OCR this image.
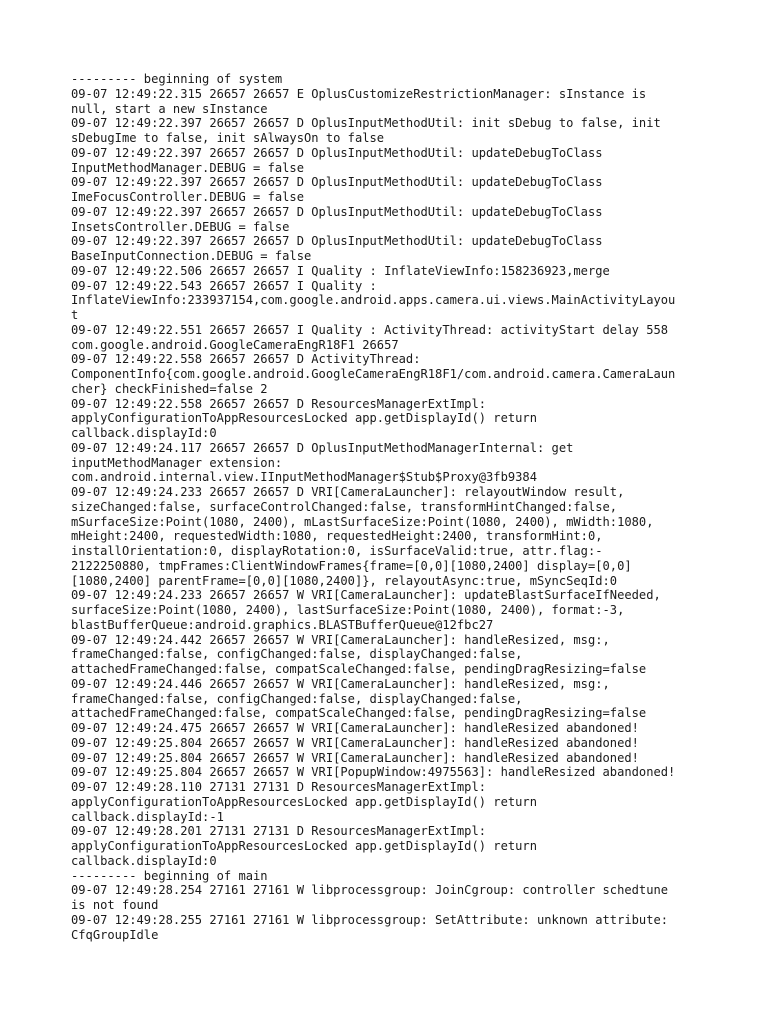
--------- beginning of system
09-07 12:49:22.315 26657 26657 E OplusCustomizeRestrictionManager: sInstance is
null, start a new sInstance
09-07 12:49:22.397 26657 26657 D OplusInputMethodUtil: init sDebug to false, init
sDebugIme to false, init sAlwaysOn to false
09-07 12:49:22.397 26657 26657 D OplusInputMethodUtil: updateDebugToClass
InputMethodManager.DEBUG = false
09-07 12:49:22.397 26657 26657 D OplusInputMethodUtil: updateDebugToClass
ImeFocusController.DEBUG = false
09-07 12:49:22.397 26657 26657 D OplusInputMethodUtil: updateDebugToClass
InsetsController.DEBUG = false
09-07 12:49:22.397 26657 26657 D OplusInputMethodUtil: updateDebugToClass
BaseInputConnection.DEBUG = false
09-07 12:49:22.506 26657 26657 I Quality : InflateViewInfo:158236923,merge
09-07 12:49:22.543 26657 26657 I Quality :
InflateViewInfo:233937154,com.google.android.apps.camera.ui.views.MainActivityLayou
t
09-07 12:49:22.551 26657 26657 I Quality : ActivityThread: activityStart delay 558
com.google.android.GoogleCameraEngR18F1 26657
09-07 12:49:22.558 26657 26657 D ActivityThread:
ComponentInfo{com.google.android.GoogleCameraEngR18F1/com.android.camera.CameraLaun
cher} checkFinished=false 2
09-07 12:49:22.558 26657 26657 D ResourcesManagerExtImpl:
applyConfigurationToAppResourcesLocked app.getDisplayId() return
callback.displayId:0
09-07 12:49:24.117 26657 26657 D OplusInputMethodManagerInternal: get
inputMethodManager extension:
com.android.internal.view.IInputMethodManager$Stub$Proxy@3fb9384
09-07 12:49:24.233 26657 26657 D VRI[CameraLauncher]: relayoutWindow result,
sizeChanged:false, surfaceControlChanged:false, transformHintChanged:false,
mSurfaceSize:Point(1080, 2400), mLastSurfaceSize:Point(1080, 2400), mWidth:1080,
mHeight:2400, requestedWidth:1080, requestedHeight:2400, transformHint:0,
installOrientation:0, displayRotation:0, isSurfaceValid:true, attr.flag:-
2122250880, tmpFrames:ClientWindowFrames{frame=[0,0][1080,2400] display=[0,0]
[1080,2400] parentFrame=[0,0][1080,2400]}, relayoutAsync:true, mSyncSeqId:0
09-07 12:49:24.233 26657 26657 W VRI[CameraLauncher]: updateBlastSurfaceIfNeeded,
surfaceSize:Point(1080, 2400), lastSurfaceSize:Point(1080, 2400), format:-3,
blastBufferQueue:android.graphics.BLASTBufferQueue@12fbc27
09-07 12:49:24.442 26657 26657 W VRI[CameraLauncher]: handleResized, msg:,
frameChanged:false, configChanged:false, displayChanged:false,
attachedFrameChanged:false, compatScaleChanged:false, pendingDragResizing=false
09-07 12:49:24.446 26657 26657 W VRI[CameraLauncher]: handleResized, msg:,
frameChanged:false, configChanged:false, displayChanged:false,
attachedFrameChanged:false, compatScaleChanged:false, pendingDragResizing=false
09-07 12:49:24.475 26657 26657 W VRI[CameraLauncher]: handleResized abandoned!
09-07 12:49:25.804 26657 26657 W VRI[CameraLauncher]: handleResized abandoned!
09-07 12:49:25.804 26657 26657 W VRI[CameraLauncher]: handleResized abandoned!
09-07 12:49:25.804 26657 26657 W VRI[PopupWindow:4975563]: handleResized abandoned!
09-07 12:49:28.110 27131 27131 D ResourcesManagerExtImpl:
applyConfigurationToAppResourcesLocked app.getDisplayId() return
callback.displayId:-1
09-07 12:49:28.201 27131 27131 D ResourcesManagerExtImpl:
applyConfigurationToAppResourcesLocked app.getDisplayId() return
callback.displayId:0
--------- beginning of main
09-07 12:49:28.254 27161 27161 W libprocessgroup: JoinCgroup: controller schedtune
is not found
09-07 12:49:28.255 27161 27161 W libprocessgroup: SetAttribute: unknown attribute:
CfqGroupIdle
